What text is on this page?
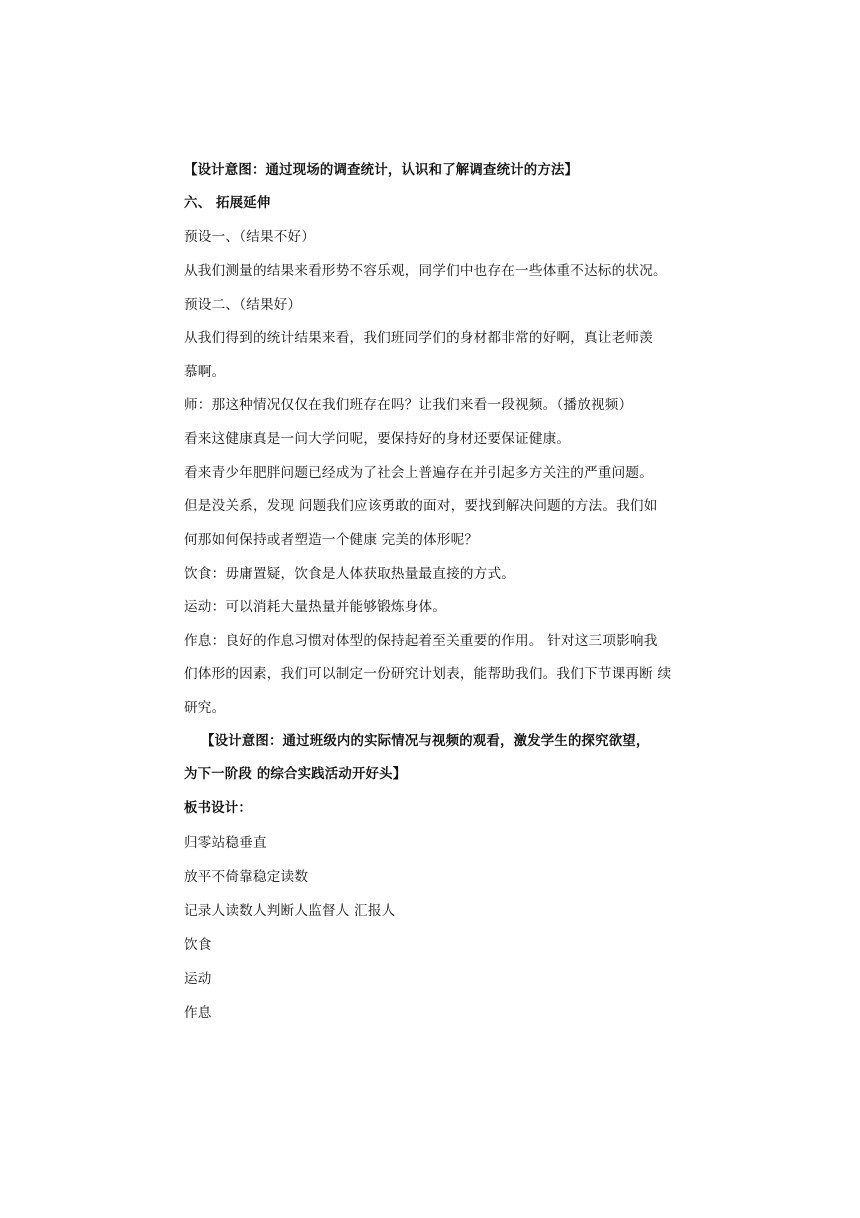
【设计意图：通过现场的调查统计，认识和了解调查统计的方法】
六、 拓展延伸
预设一、（结果不好）
从我们测量的结果来看形势不容乐观，同学们中也存在一些体重不达标的状况。
预设二、（结果好）
从我们得到的统计结果来看，我们班同学们的身材都非常的好啊，真让老师羡
慕啊。
师：那这种情况仅仅在我们班存在吗？让我们来看一段视频。（播放视频）
看来这健康真是一问大学问呢，要保持好的身材还要保证健康。
看来青少年肥胖问题已经成为了社会上普遍存在并引起多方关注的严重问题。
但是没关系，发现 问题我们应该勇敢的面对，要找到解决问题的方法。我们如
何那如何保持或者塑造一个健康 完美的体形呢？
饮食：毋庸置疑，饮食是人体获取热量最直接的方式。
运动：可以消耗大量热量并能够锻炼身体。
作息：良好的作息习惯对体型的保持起着至关重要的作用。 针对这三项影响我
们体形的因素，我们可以制定一份研究计划表，能帮助我们。我们下节课再断 续
研究。
【设计意图：通过班级内的实际情况与视频的观看，激发学生的探究欲望，
为下一阶段 的综合实践活动开好头】
板书设计：
归零站稳垂直
放平不倚靠稳定读数
记录人读数人判断人监督人 汇报人
饮食
运动
作息
